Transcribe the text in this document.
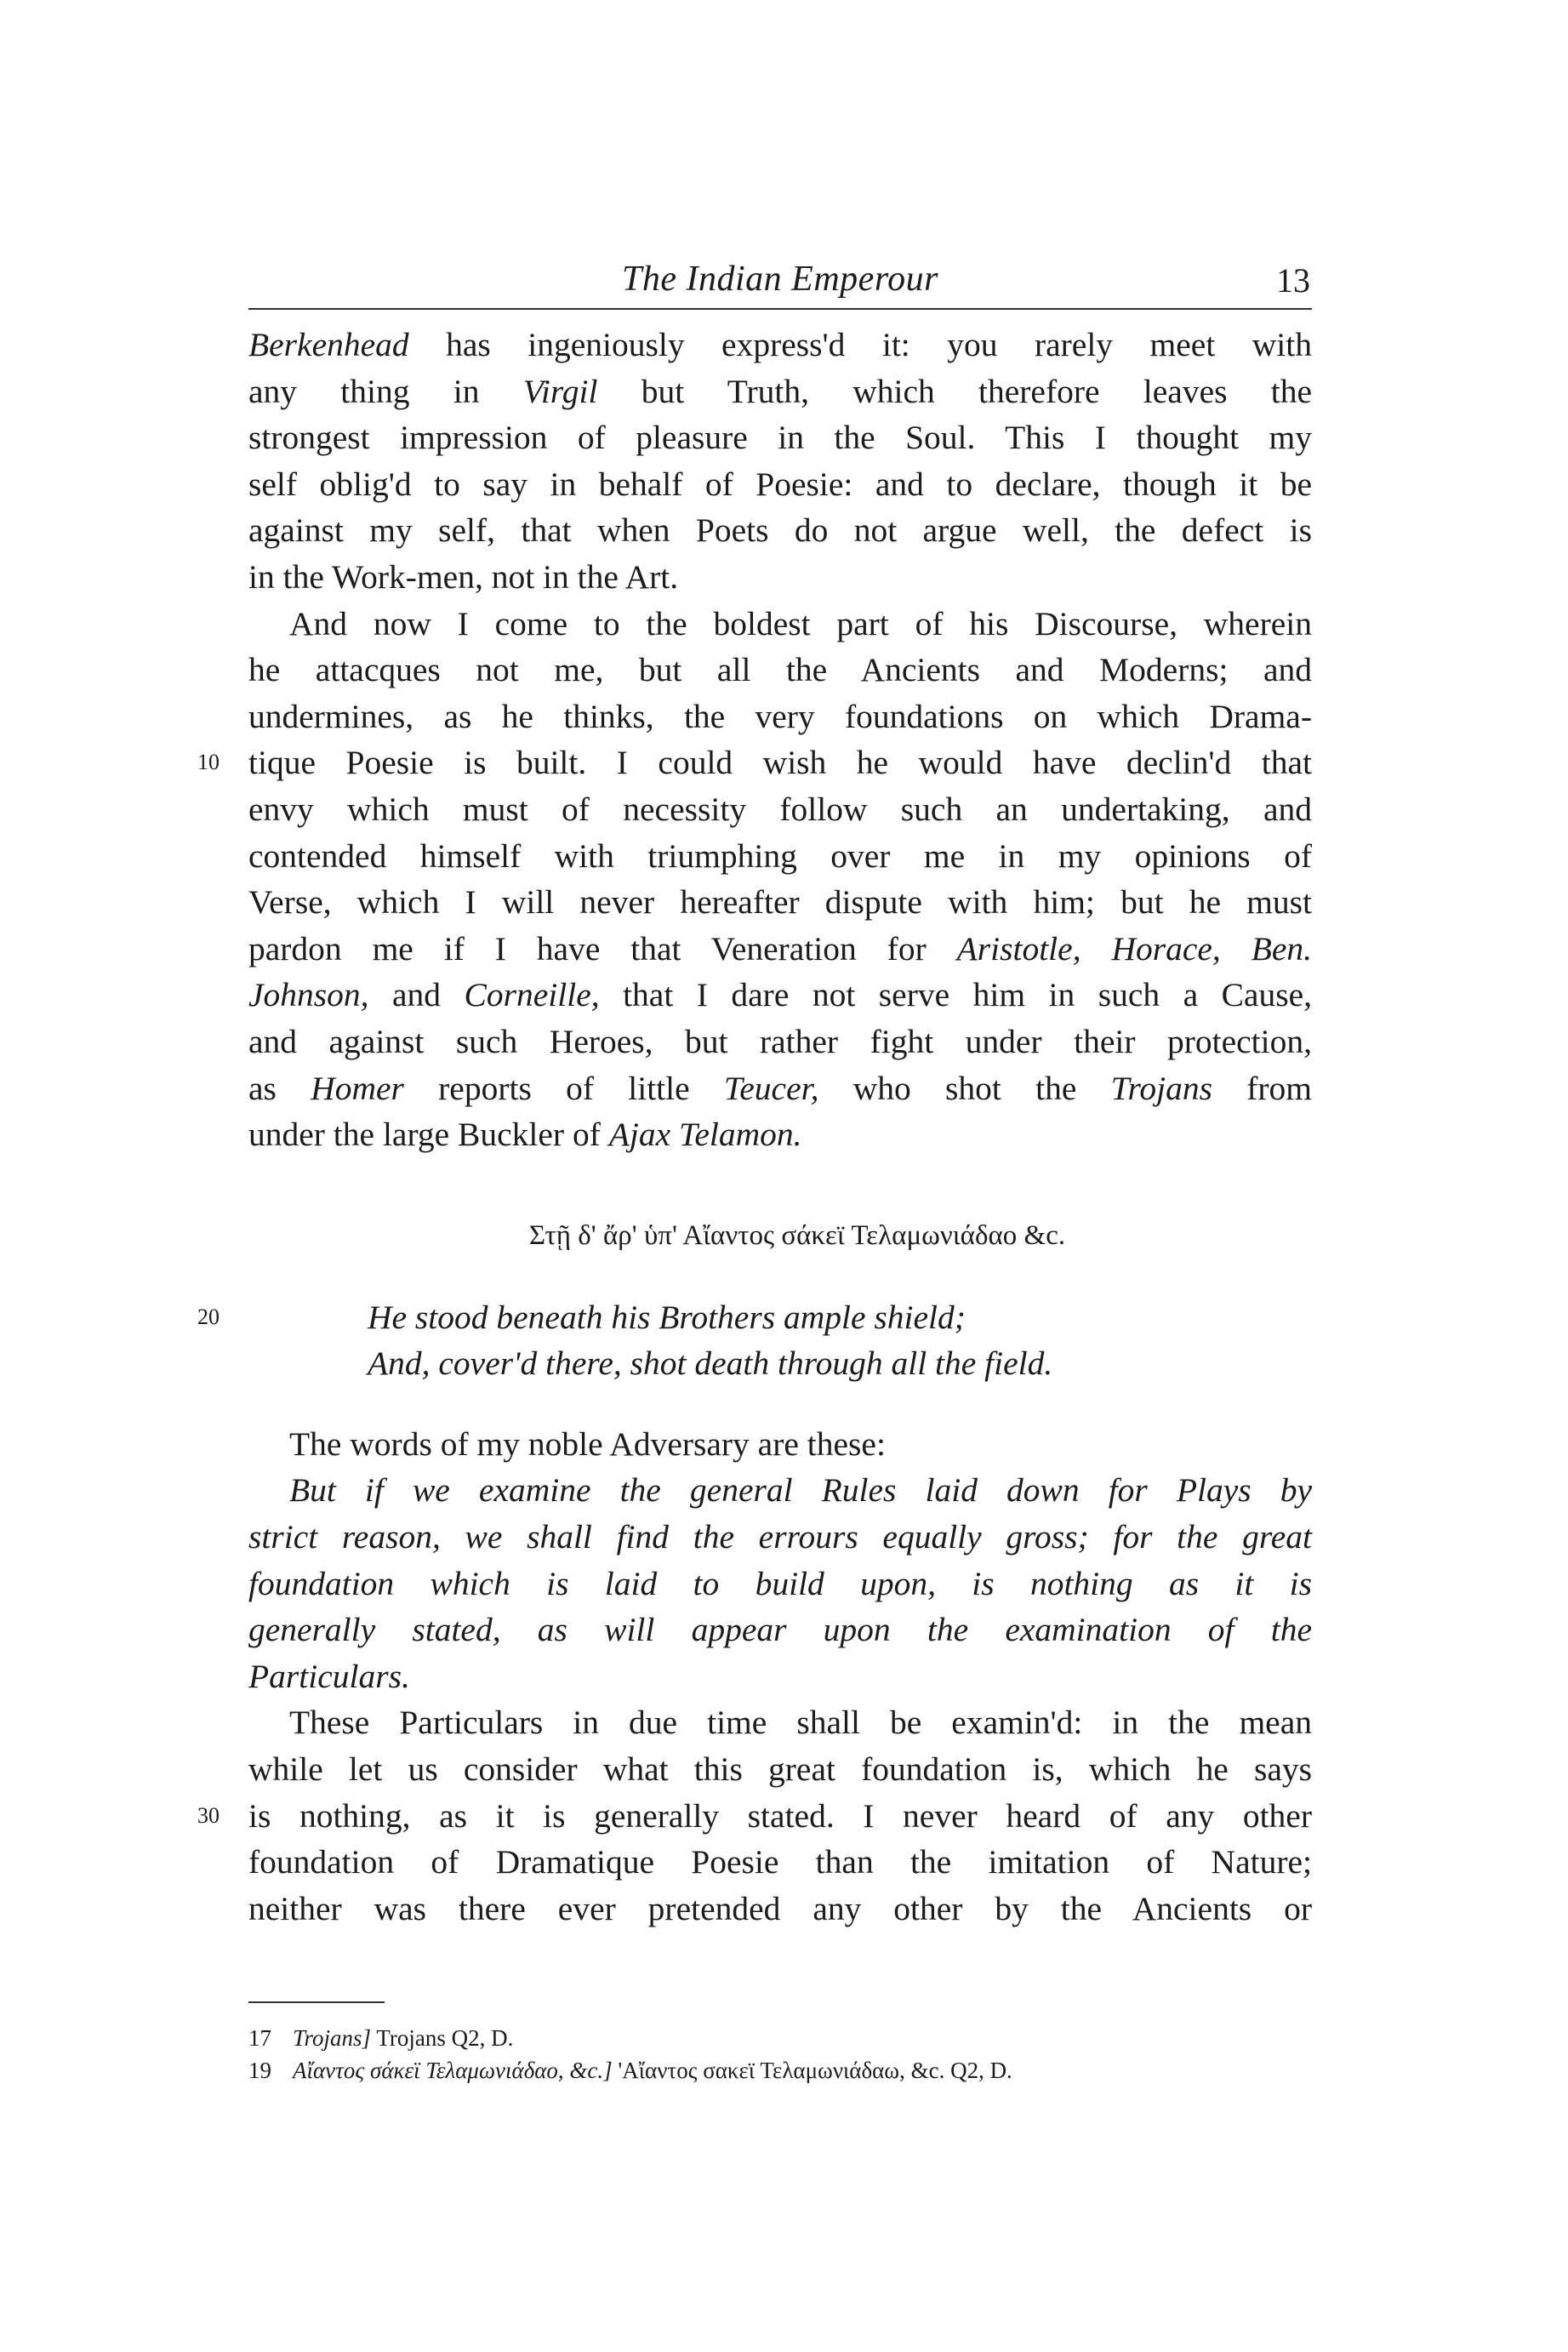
The Indian Emperour	13
Berkenhead has ingeniously express'd it: you rarely meet with
any thing in Virgil but Truth, which therefore leaves the
strongest impression of pleasure in the Soul. This I thought my
self oblig'd to say in behalf of Poesie: and to declare, though it be
against my self, that when Poets do not argue well, the defect is
in the Work-men, not in the Art.
And now I come to the boldest part of his Discourse, wherein
he attacques not me, but all the Ancients and Moderns; and
undermines, as he thinks, the very foundations on which Drama-
10 tique Poesie is built. I could wish he would have declin'd that
envy which must of necessity follow such an undertaking, and
contended himself with triumphing over me in my opinions of
Verse, which I will never hereafter dispute with him; but he must
pardon me if I have that Veneration for Aristotle, Horace, Ben.
Johnson, and Corneille, that I dare not serve him in such a Cause,
and against such Heroes, but rather fight under their protection,
as Homer reports of little Teucer, who shot the Trojans from
under the large Buckler of Ajax Telamon.
Στῇ δ' ἄρ' ὑπ' Αἴαντος σάκεϊ Τελαμωνιάδαο &c.
20	He stood beneath his Brothers ample shield;
And, cover'd there, shot death through all the field.
The words of my noble Adversary are these:
But if we examine the general Rules laid down for Plays by
strict reason, we shall find the errours equally gross; for the great
foundation which is laid to build upon, is nothing as it is
generally stated, as will appear upon the examination of the
Particulars.
These Particulars in due time shall be examin'd: in the mean
while let us consider what this great foundation is, which he says
30 is nothing, as it is generally stated. I never heard of any other
foundation of Dramatique Poesie than the imitation of Nature;
neither was there ever pretended any other by the Ancients or
17 Trojans] Trojans Q2, D.
19 Αἴαντος σάκεϊ Τελαμωνιάδαο, &c.] 'Αἴαντος σακεϊ Τελαμωνιάδαω, &c. Q2, D.
